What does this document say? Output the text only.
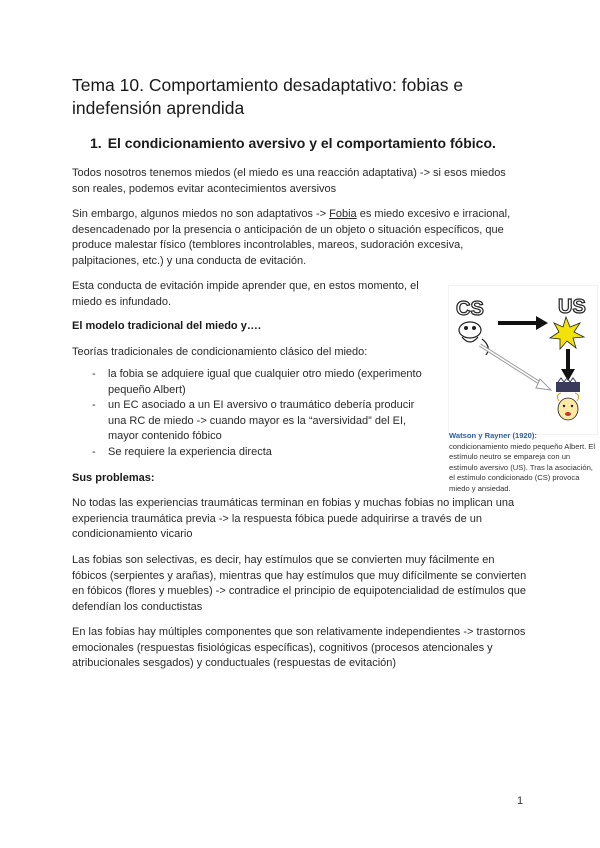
Tema 10. Comportamiento desadaptativo: fobias e indefensión aprendida
1. El condicionamiento aversivo y el comportamiento fóbico.

Todos nosotros tenemos miedos (el miedo es una reacción adaptativa) -> si esos miedos son reales, podemos evitar acontecimientos aversivos

Sin embargo, algunos miedos no son adaptativos -> Fobia es miedo excesivo e irracional, desencadenado por la presencia o anticipación de un objeto o situación específicos, que produce malestar físico (temblores incontrolables, mareos, sudoración excesiva, palpitaciones, etc.) y una conducta de evitación.

Esta conducta de evitación impide aprender que, en estos momento, el miedo es infundado.

El modelo tradicional del miedo y….

Teorías tradicionales de condicionamiento clásico del miedo:

- la fobia se adquiere igual que cualquier otro miedo (experimento pequeño Albert)
- un EC asociado a un EI aversivo o traumático debería producir una RC de miedo -> cuando mayor es la “aversividad” del EI, mayor contenido fóbico
- Se requiere la experiencia directa

Sus problemas:

No todas las experiencias traumáticas terminan en fobias y muchas fobias no implican una experiencia traumática previa -> la respuesta fóbica puede adquirirse a través de un condicionamiento vicario

Las fobias son selectivas, es decir, hay estímulos que se convierten muy fácilmente en fóbicos (serpientes y arañas), mientras que hay estímulos que muy difícilmente se convierten en fóbicos (flores y muebles) -> contradice el principio de equipotencialidad de estímulos que defendían los conductistas

En las fobias hay múltiples componentes que son relativamente independientes -> trastornos emocionales (respuestas fisiológicas específicas), cognitivos (procesos atencionales y atribucionales sesgados) y conductuales (respuestas de evitación)

CS	US
Watson y Rayner (1920):
condicionamiento miedo pequeño Albert. El estímulo neutro se empareja con un estímulo aversivo (US). Tras la asociación, el estímulo condicionado (CS) provoca miedo y ansiedad.
1
